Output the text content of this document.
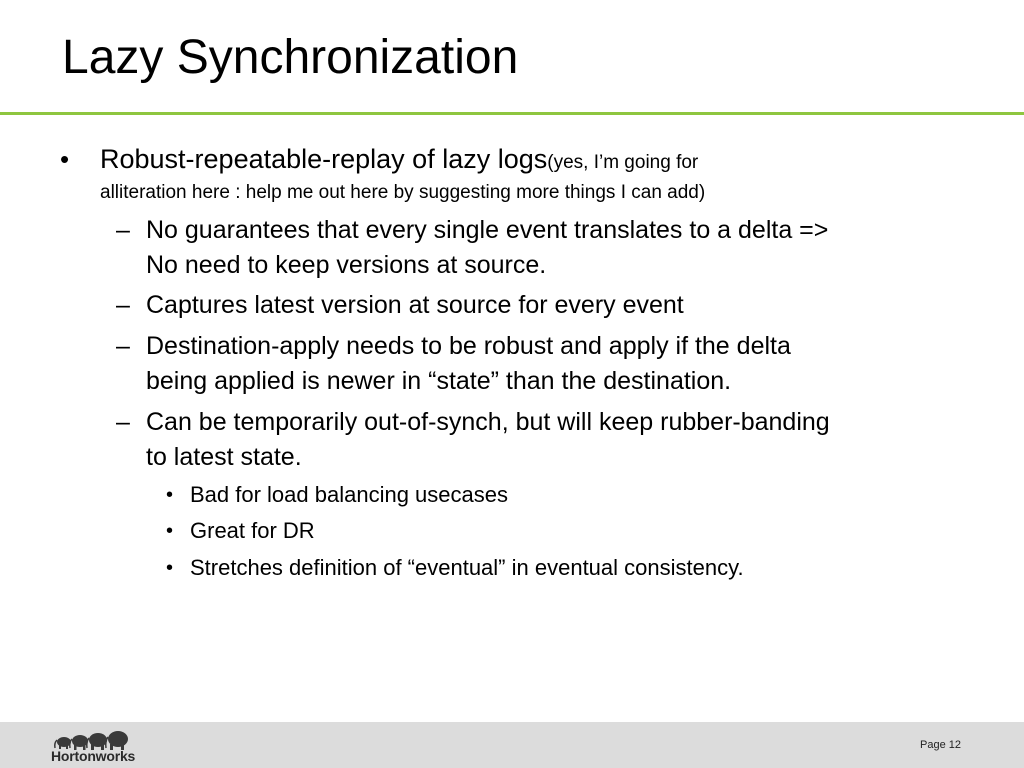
Lazy Synchronization
• Robust-repeatable-replay of lazy logs(yes, I’m going for
alliteration here : help me out here by suggesting more things I can add)
– No guarantees that every single event translates to a delta =>
No need to keep versions at source.
– Captures latest version at source for every event
– Destination-apply needs to be robust and apply if the delta
being applied is newer in “state” than the destination.
– Can be temporarily out-of-synch, but will keep rubber-banding
to latest state.
• Bad for load balancing usecases
• Great for DR
• Stretches definition of “eventual” in eventual consistency.
Hortonworks
Page 12
